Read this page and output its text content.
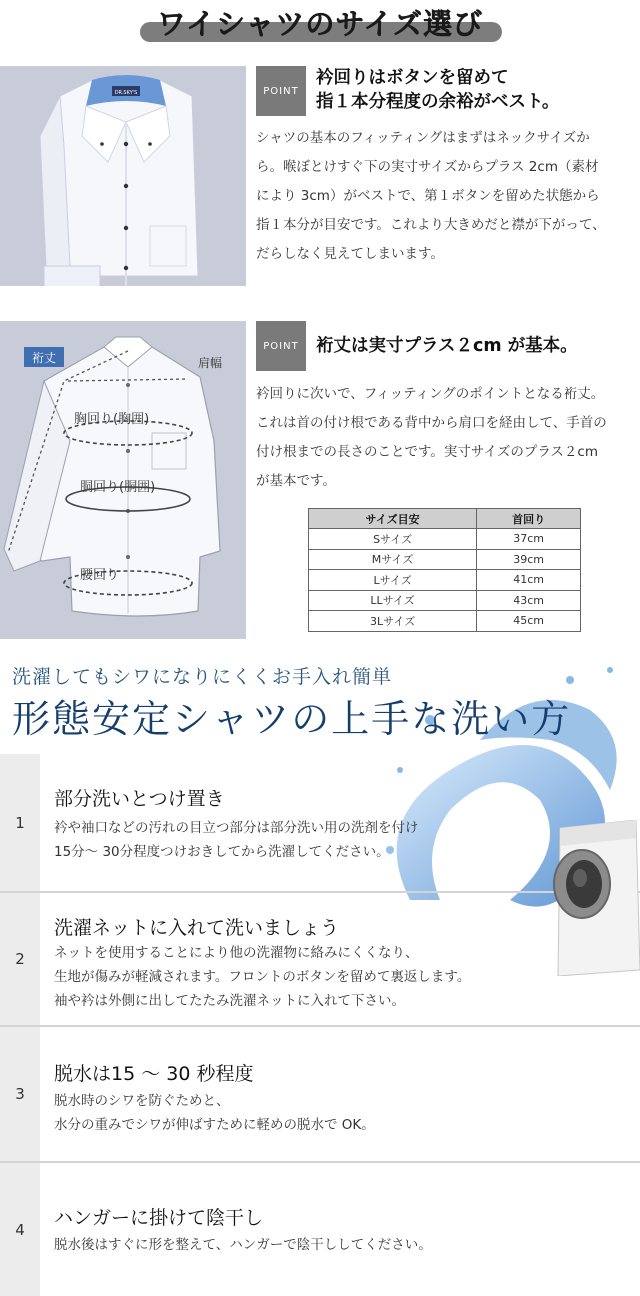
ワイシャツのサイズ選び
DR.SKY'S	POINT
衿回りはボタンを留めて
指１本分程度の余裕がベスト。
シャツの基本のフィッティングはまずはネックサイズか
ら。喉ぼとけすぐ下の実寸サイズからプラス 2cm（素材
により 3cm）がベストで、第１ボタンを留めた状態から
指１本分が目安です。これより大きめだと襟が下がって、
だらしなく見えてしまいます。
裄丈	肩幅
胸回り(胸囲)
胴回り(胴囲)
腰回り
POINT 裄丈は実寸プラス２cm が基本。
衿回りに次いで、フィッティングのポイントとなる裄丈。
これは首の付け根である背中から肩口を経由して、手首の
付け根までの長さのことです。実寸サイズのプラス２cm
が基本です。
サイズ目安	首回り
Sサイズ	37cm
Mサイズ	39cm
Lサイズ	41cm
LLサイズ	43cm
3Lサイズ	45cm
洗濯してもシワになりにくくお手入れ簡単
形態安定シャツの上手な洗い方
1
部分洗いとつけ置き
衿や袖口などの汚れの目立つ部分は部分洗い用の洗剤を付け
15分～ 30分程度つけおきしてから洗濯してください。
2
洗濯ネットに入れて洗いましょう
ネットを使用することにより他の洗濯物に絡みにくくなり、
生地が傷みが軽減されます。フロントのボタンを留めて裏返します。
袖や衿は外側に出してたたみ洗濯ネットに入れて下さい。
3
脱水は15 ～ 30 秒程度
脱水時のシワを防ぐためと、
水分の重みでシワが伸ばすために軽めの脱水で OK。
4
ハンガーに掛けて陰干し
脱水後はすぐに形を整えて、ハンガーで陰干ししてください。
